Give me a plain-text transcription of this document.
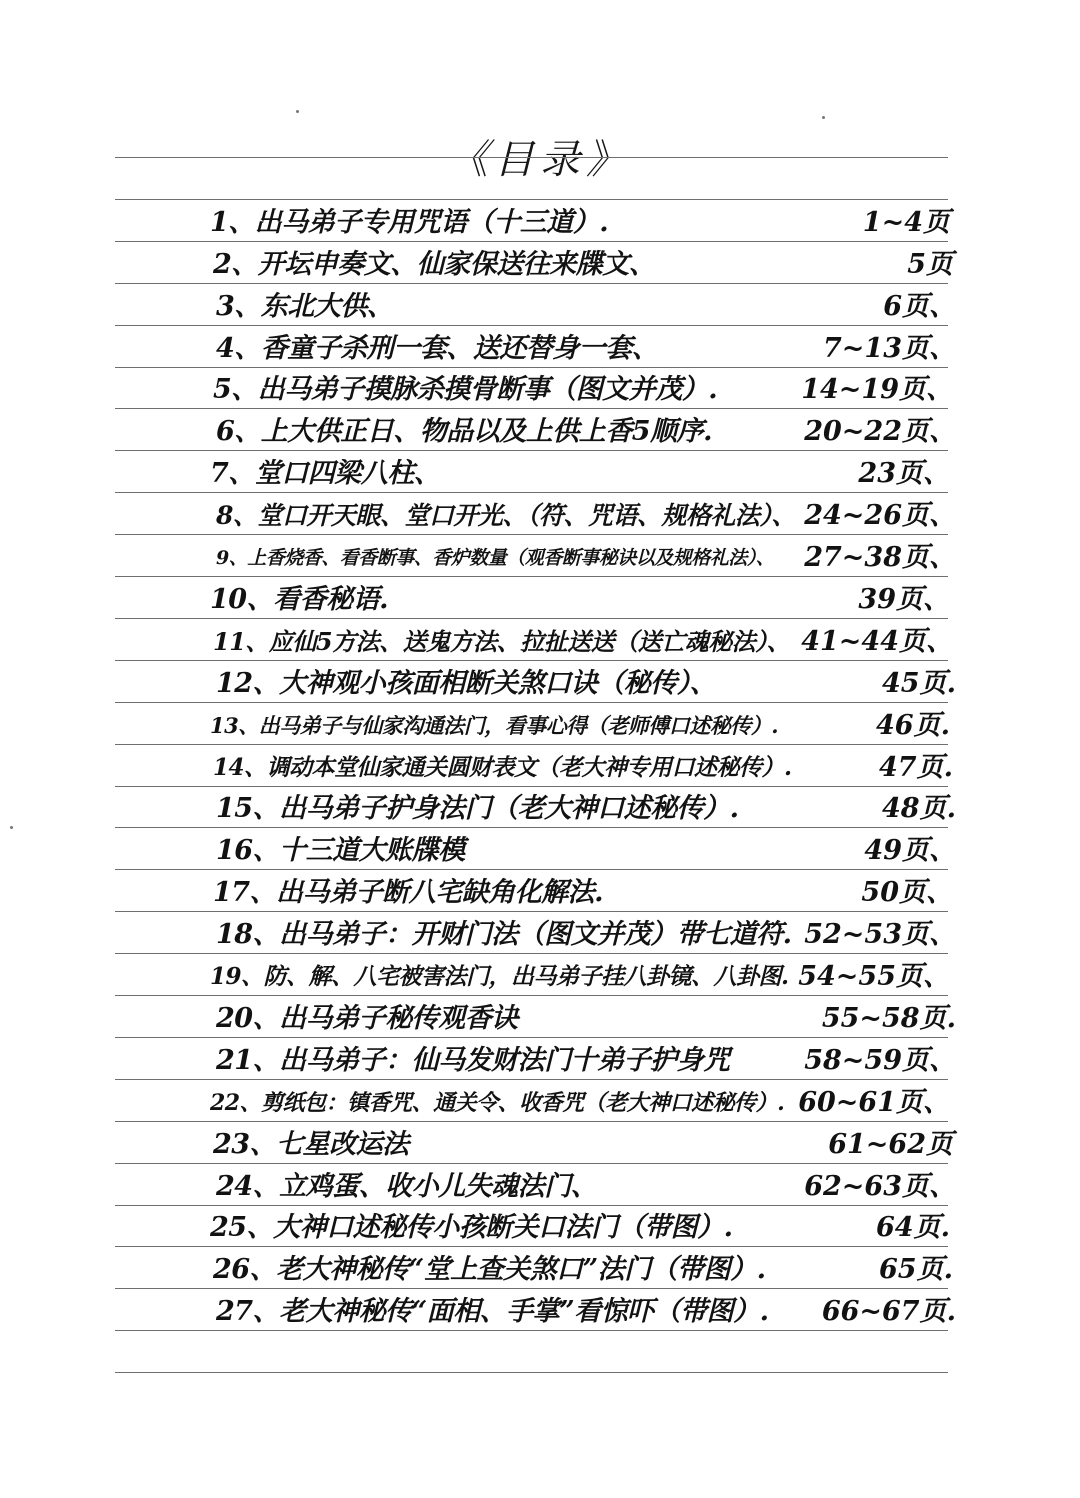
《目录》
1、出马弟子专用咒语（十三道）.	1~4页
2、开坛申奏文、仙家保送往来牒文、	5页
3、东北大供、	6页、
4、香童子杀刑一套、送还替身一套、	7~13页、
5、出马弟子摸脉杀摸骨断事（图文并茂）.	14~19页、
6、上大供正日、物品以及上供上香5顺序.	20~22页、
7、堂口四梁八柱、	23页、
8、堂口开天眼、堂口开光、（符、咒语、规格礼法）、 24~26页、
9、上香烧香、看香断事、香炉数量（观香断事秘诀以及规格礼法）、	27~38页、
10、看香秘语.	39页、
11、应仙5方法、送鬼方法、拉扯送送（送亡魂秘法）、 41~44页、
12、大神观小孩面相断关煞口诀（秘传）、	45页.
13、出马弟子与仙家沟通法门，看事心得（老师傅口述秘传）.	46页.
14、调动本堂仙家通关圆财表文（老大神专用口述秘传）.	47页.
15、出马弟子护身法门（老大神口述秘传）.	48页.
16、十三道大账牒模	49页、
17、出马弟子断八宅缺角化解法.	50页、
18、出马弟子：开财门法（图文并茂）带七道符. 52~53页、
19、防、解、八宅被害法门，出马弟子挂八卦镜、八卦图. 54~55页、
20、出马弟子秘传观香诀	55~58页.
21、出马弟子：仙马发财法门十弟子护身咒	58~59页、
22、剪纸包：镇香咒、通关令、收香咒（老大神口述秘传）. 60~61页、
23、七星改运法	61~62页
24、立鸡蛋、收小儿失魂法门、	62~63页、
25、大神口述秘传小孩断关口法门（带图）.	64页.
26、老大神秘传“堂上查关煞口”法门（带图）.	65页.
27、老大神秘传“面相、手掌”看惊吓（带图）.	66~67页.
